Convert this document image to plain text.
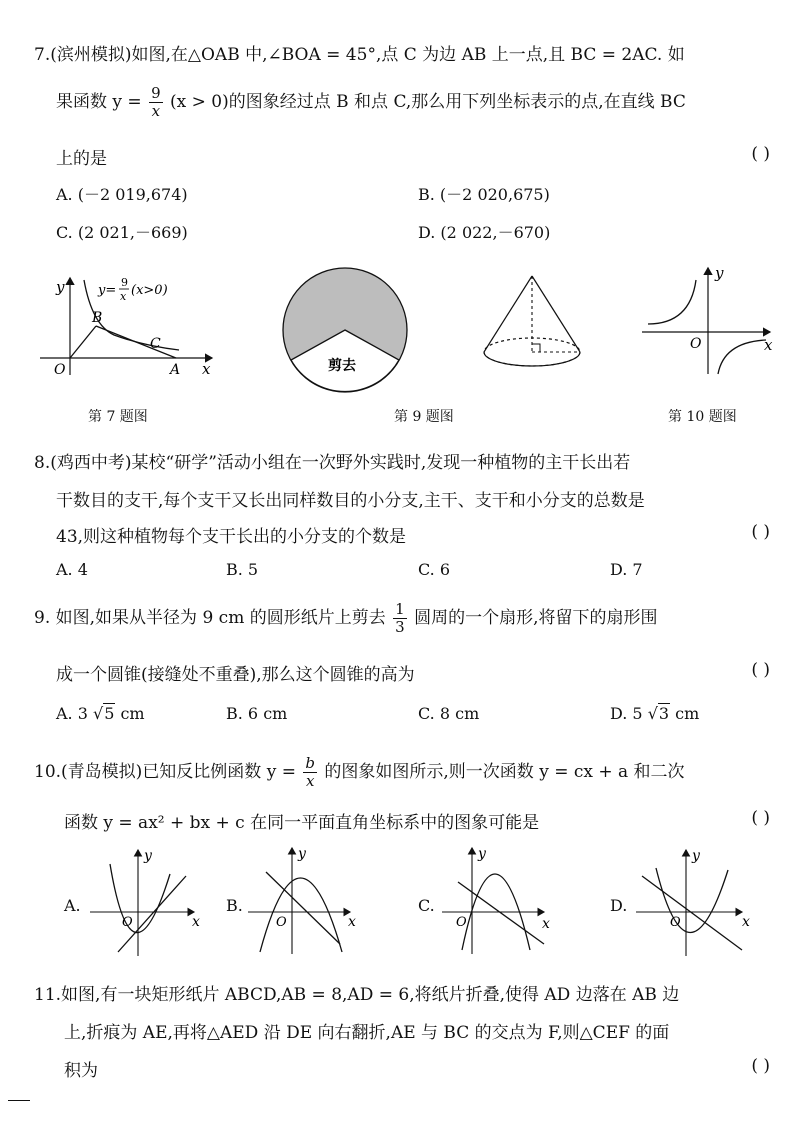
7.(滨州模拟)如图,在△OAB 中,∠BOA = 45°,点 C 为边 AB 上一点,且 BC = 2AC. 如
果函数 $y = \frac{9}{x} (x > 0)$的图象经过点 B 和点 C,那么用下列坐标表示的点,在直线 BC
上的是	( )
A. (－2 019,674)	B. (－2 020,675)
C. (2 021,－669)	D. (2 022,－670)
y
x
O
B
C
A
y=
9
x (x>0)
第 7 题图
剪去
第 9 题图
y
x
O
第 10 题图
8.(鸡西中考)某校“研学”活动小组在一次野外实践时,发现一种植物的主干长出若
干数目的支干,每个支干又长出同样数目的小分支,主干、支干和小分支的总数是
43,则这种植物每个支干长出的小分支的个数是	( )
A. 4	B. 5	C. 6	D. 7
9. 如图,如果从半径为 9 cm 的圆形纸片上剪去 $\frac{1}{3}$ 圆周的一个扇形,将留下的扇形围
成一个圆锥(接缝处不重叠),那么这个圆锥的高为	( )
A. 3 √5 cm	B. 6 cm	C. 8 cm	D. 5 √3 cm
10.(青岛模拟)已知反比例函数 $y = \frac{b}{x}$ 的图象如图所示,则一次函数 y = cx + a 和二次
函数 y = ax² + bx + c 在同一平面直角坐标系中的图象可能是	( )
A.
y
x
O
B.
y
x
O
C.
y
x
O
D.
y
x
O
11.如图,有一块矩形纸片 ABCD,AB = 8,AD = 6,将纸片折叠,使得 AD 边落在 AB 边
上,折痕为 AE,再将△AED 沿 DE 向右翻折,AE 与 BC 的交点为 F,则△CEF 的面
积为	( )
